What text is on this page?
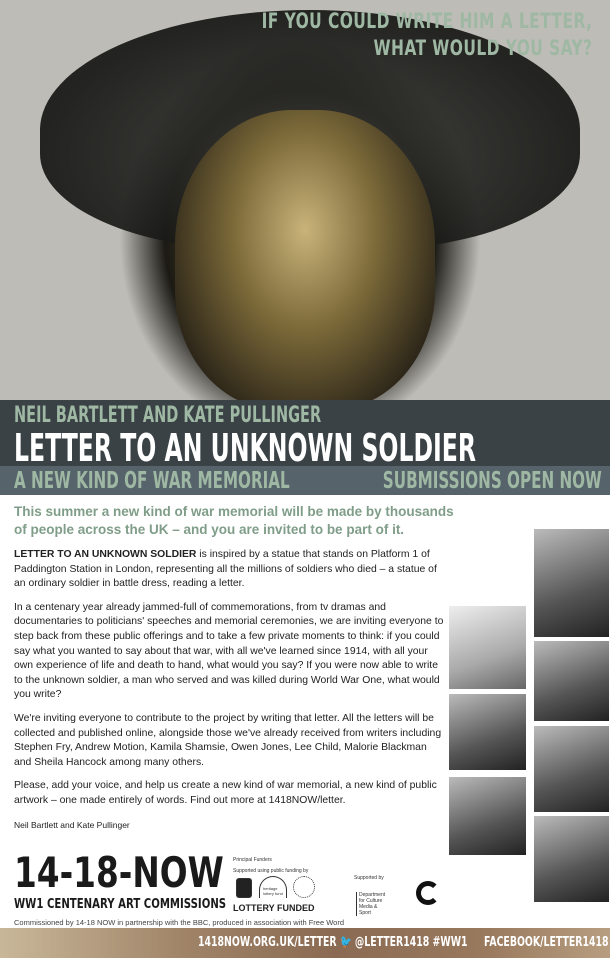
IF YOU COULD WRITE HIM A LETTER,
WHAT WOULD YOU SAY?
NEIL BARTLETT AND KATE PULLINGER
LETTER TO AN UNKNOWN SOLDIER
A NEW KIND OF WAR MEMORIAL	SUBMISSIONS OPEN NOW
This summer a new kind of war memorial will be made by thousands of people across the UK – and you are invited to be part of it.

LETTER TO AN UNKNOWN SOLDIER is inspired by a statue that stands on Platform 1 of Paddington Station in London, representing all the millions of soldiers who died – a statue of an ordinary soldier in battle dress, reading a letter.

In a centenary year already jammed-full of commemorations, from tv dramas and documentaries to politicians' speeches and memorial ceremonies, we are inviting everyone to step back from these public offerings and to take a few private moments to think: if you could say what you wanted to say about that war, with all we've learned since 1914, with all your own experience of life and death to hand, what would you say? If you were now able to write to the unknown soldier, a man who served and was killed during World War One, what would you write?

We're inviting everyone to contribute to the project by writing that letter. All the letters will be collected and published online, alongside those we've already received from writers including Stephen Fry, Andrew Motion, Kamila Shamsie, Owen Jones, Lee Child, Malorie Blackman and Sheila Hancock among many others.

Please, add your voice, and help us create a new kind of war memorial, a new kind of public artwork – one made entirely of words. Find out more at 1418NOW/letter.

Neil Bartlett and Kate Pullinger

14-18-NOW
WW1 CENTENARY ART COMMISSIONS
Principal Funders
Supported using public funding by
heritage lottery fund
LOTTERY FUNDED
Supported by
Department for Culture Media & Sport
Commissioned by 14-18 NOW in partnership with the BBC, produced in association with Free Word
1418NOW.ORG.UK/LETTER 🐦 @LETTER1418 #WW1 FACEBOOK/LETTER1418
